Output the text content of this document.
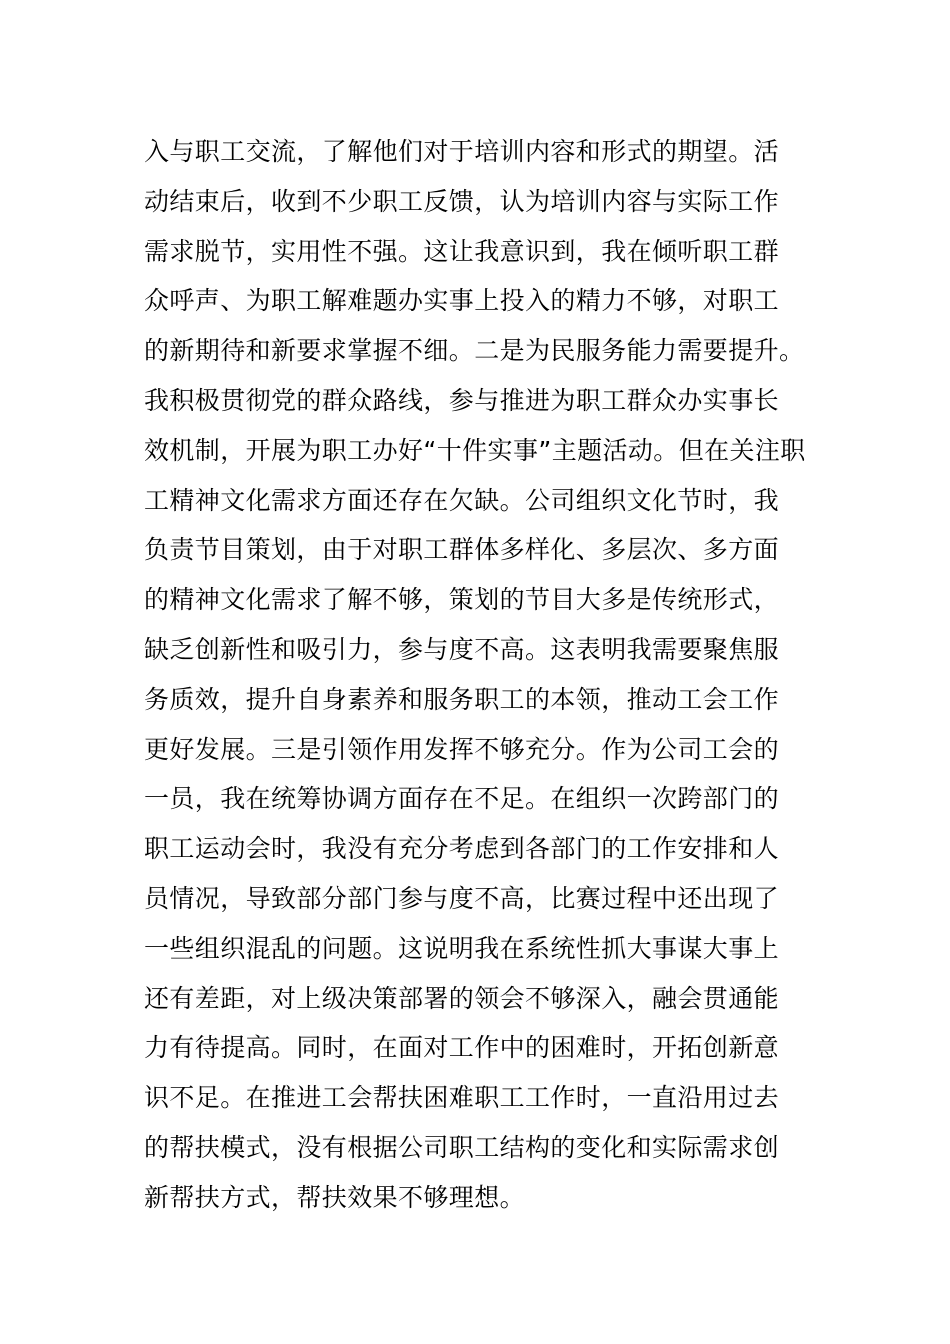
入与职工交流，了解他们对于培训内容和形式的期望。活
动结束后，收到不少职工反馈，认为培训内容与实际工作
需求脱节，实用性不强。这让我意识到，我在倾听职工群
众呼声、为职工解难题办实事上投入的精力不够，对职工
的新期待和新要求掌握不细。二是为民服务能力需要提升。
我积极贯彻党的群众路线，参与推进为职工群众办实事长
效机制，开展为职工办好“十件实事”主题活动。但在关注职
工精神文化需求方面还存在欠缺。公司组织文化节时，我
负责节目策划，由于对职工群体多样化、多层次、多方面
的精神文化需求了解不够，策划的节目大多是传统形式，
缺乏创新性和吸引力，参与度不高。这表明我需要聚焦服
务质效，提升自身素养和服务职工的本领，推动工会工作
更好发展。三是引领作用发挥不够充分。作为公司工会的
一员，我在统筹协调方面存在不足。在组织一次跨部门的
职工运动会时，我没有充分考虑到各部门的工作安排和人
员情况，导致部分部门参与度不高，比赛过程中还出现了
一些组织混乱的问题。这说明我在系统性抓大事谋大事上
还有差距，对上级决策部署的领会不够深入，融会贯通能
力有待提高。同时，在面对工作中的困难时，开拓创新意
识不足。在推进工会帮扶困难职工工作时，一直沿用过去
的帮扶模式，没有根据公司职工结构的变化和实际需求创
新帮扶方式，帮扶效果不够理想。
